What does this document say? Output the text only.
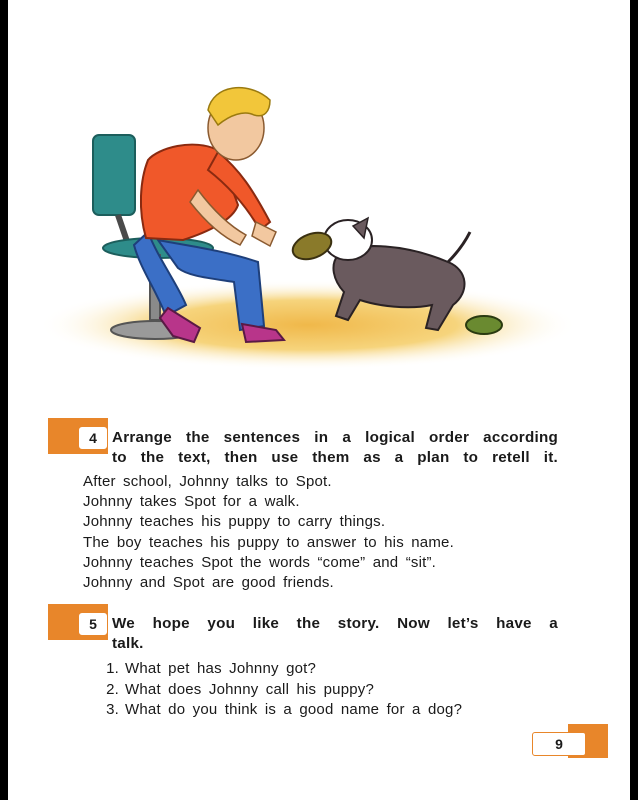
4 Arrange the sentences in a logical order according
to the text, then use them as a plan to retell it.
After school, Johnny talks to Spot.
Johnny takes Spot for a walk.
Johnny teaches his puppy to carry things.
The boy teaches his puppy to answer to his name.
Johnny teaches Spot the words “come” and “sit”.
Johnny and Spot are good friends.
5 We hope you like the story. Now let’s have a
talk.
1. What pet has Johnny got?
2. What does Johnny call his puppy?
3. What do you think is a good name for a dog?
9
